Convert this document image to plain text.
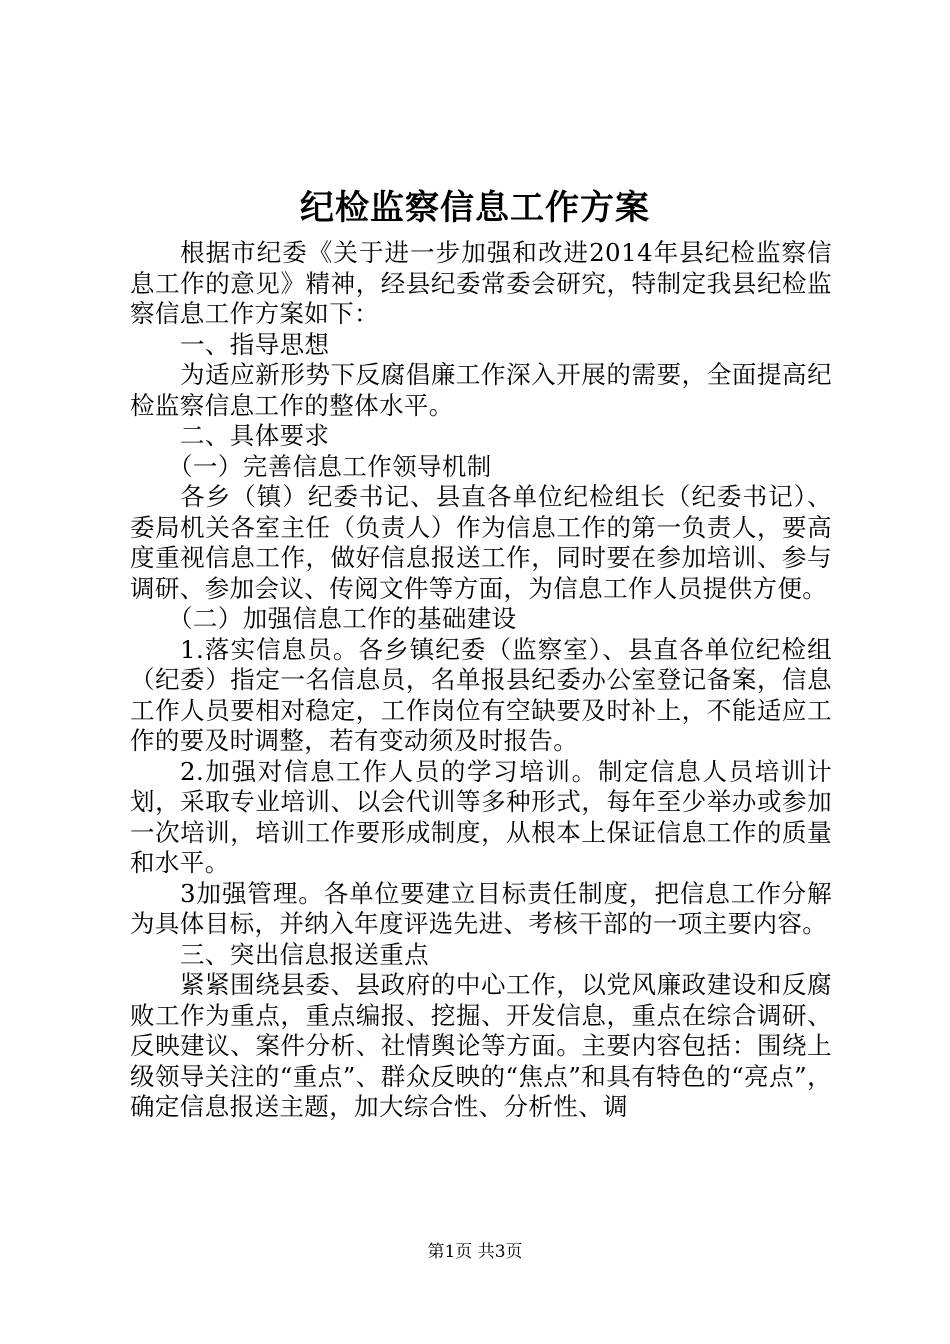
纪检监察信息工作方案

根据市纪委《关于进一步加强和改进2014年县纪检监察信息工作的意见》精神，经县纪委常委会研究，特制定我县纪检监察信息工作方案如下：

一、指导思想

为适应新形势下反腐倡廉工作深入开展的需要，全面提高纪检监察信息工作的整体水平。

二、具体要求

（一）完善信息工作领导机制

各乡（镇）纪委书记、县直各单位纪检组长（纪委书记）、委局机关各室主任（负责人）作为信息工作的第一负责人，要高度重视信息工作，做好信息报送工作，同时要在参加培训、参与调研、参加会议、传阅文件等方面，为信息工作人员提供方便。

（二）加强信息工作的基础建设

1.落实信息员。各乡镇纪委（监察室）、县直各单位纪检组（纪委）指定一名信息员，名单报县纪委办公室登记备案，信息工作人员要相对稳定，工作岗位有空缺要及时补上，不能适应工作的要及时调整，若有变动须及时报告。

2.加强对信息工作人员的学习培训。制定信息人员培训计划，采取专业培训、以会代训等多种形式，每年至少举办或参加一次培训，培训工作要形成制度，从根本上保证信息工作的质量和水平。

3加强管理。各单位要建立目标责任制度，把信息工作分解为具体目标，并纳入年度评选先进、考核干部的一项主要内容。

三、突出信息报送重点

紧紧围绕县委、县政府的中心工作，以党风廉政建设和反腐败工作为重点，重点编报、挖掘、开发信息，重点在综合调研、反映建议、案件分析、社情舆论等方面。主要内容包括：围绕上级领导关注的“重点”、群众反映的“焦点”和具有特色的“亮点”，确定信息报送主题，加大综合性、分析性、调

第1页 共3页
